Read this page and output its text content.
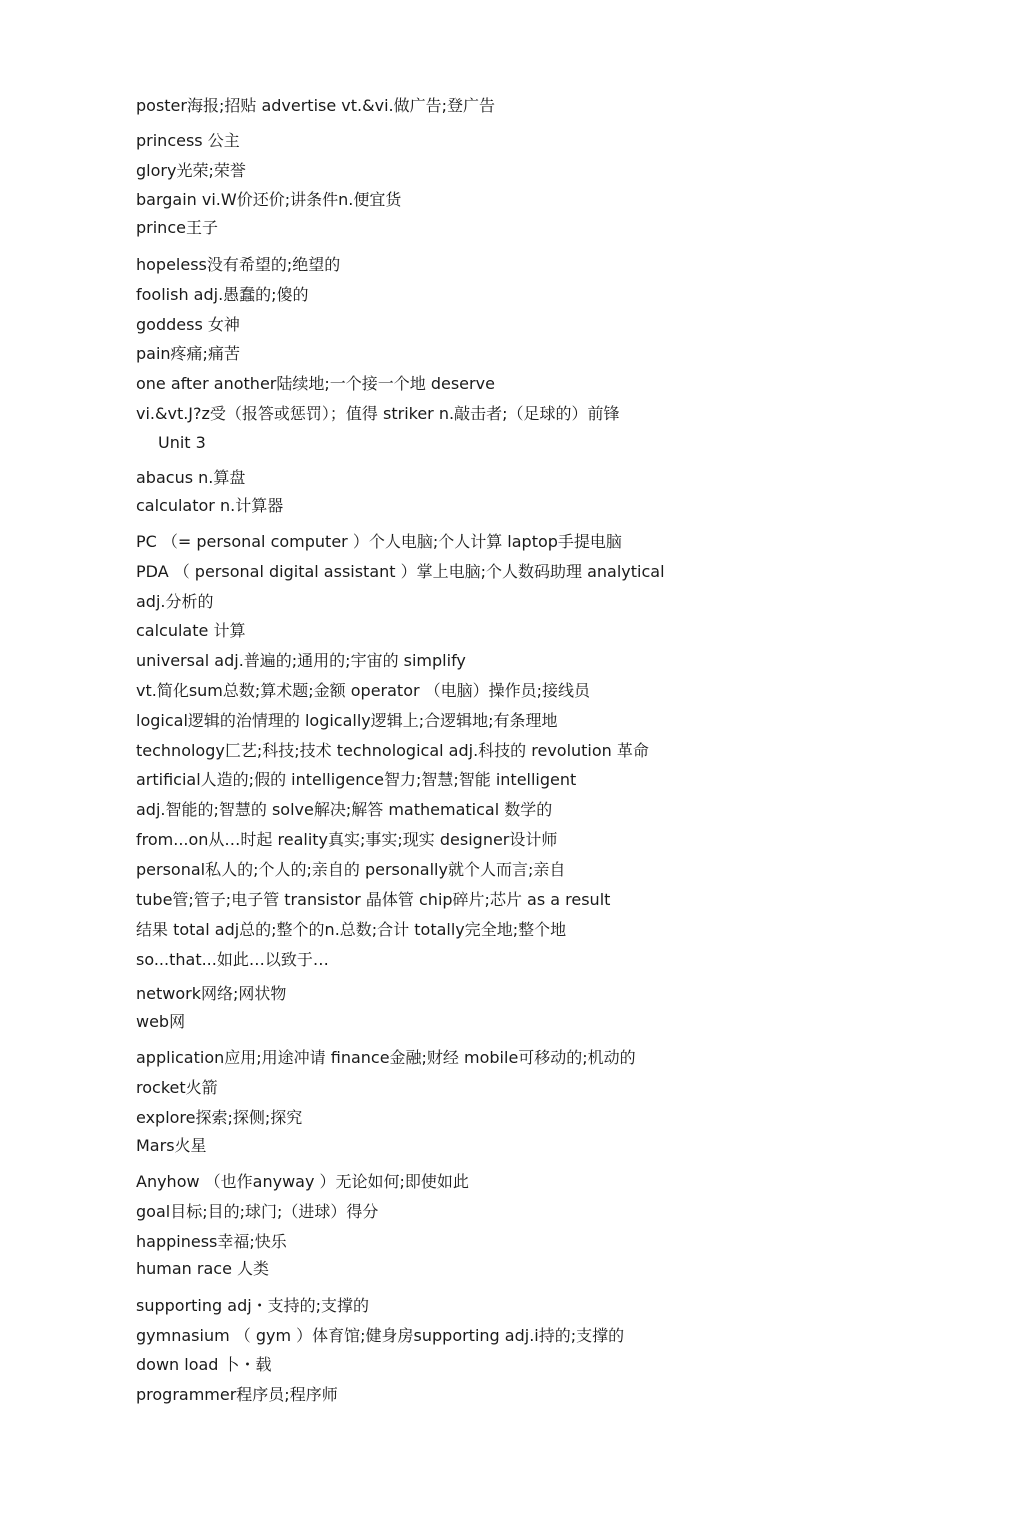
poster海报;招贴 advertise vt.&vi.做广告;登广告
princess 公主
glory光荣;荣誉
bargain vi.W价还价;讲条件n.便宜货
prince王子
hopeless没有希望的;绝望的
foolish adj.愚蠢的;傻的
goddess 女神
pain疼痛;痛苦
one after another陆续地;一个接一个地 deserve
vi.&vt.J?z受（报答或惩罚）；值得 striker n.敲击者;（足球的）前锋
Unit 3
abacus n.算盘
calculator n.计算器
PC （= personal computer ）个人电脑;个人计算 laptop手提电脑
PDA （ personal digital assistant ）掌上电脑;个人数码助理 analytical
adj.分析的
calculate 计算
universal adj.普遍的;通用的;宇宙的 simplify
vt.简化sum总数;算术题;金额 operator （电脑）操作员;接线员
logical逻辑的治情理的 logically逻辑上;合逻辑地;有条理地
technology匚艺;科技;技术 technological adj.科技的 revolution 革命
artificial人造的;假的 intelligence智力;智慧;智能 intelligent
adj.智能的;智慧的 solve解决;解答 mathematical 数学的
from...on从…时起 reality真实;事实;现实 designer设计师
personal私人的;个人的;亲自的 personally就个人而言;亲自
tube管;管子;电子管 transistor 晶体管 chip碎片;芯片 as a result
结果 total adj总的;整个的n.总数;合计 totally完全地;整个地
so...that...如此…以致于…
network网络;网状物
web网
application应用;用途冲请 finance金融;财经 mobile可移动的;机动的
rocket火箭
explore探索;探侧;探究
Mars火星
Anyhow （也作anyway ）无论如何;即使如此
goal目标;目的;球门;（进球）得分
happiness幸福;快乐
human race 人类
supporting adj・支持的;支撑的
gymnasium （ gym ）体育馆;健身房supporting adj.i持的;支撑的
down load 卜・载
programmer程序员;程序师
